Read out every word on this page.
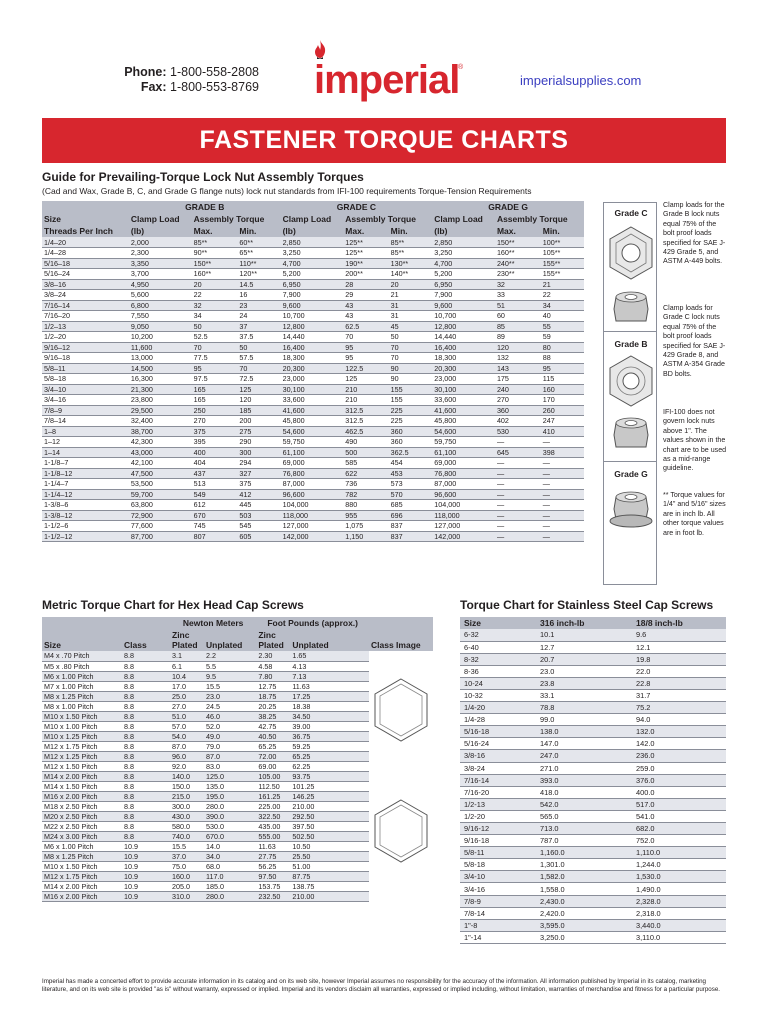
Phone: 1-800-558-2808
Fax: 1-800-553-8769 imperial
®
imperialsupplies.com
FASTENER TORQUE CHARTS
Guide for Prevailing-Torque Lock Nut Assembly Torques
(Cad and Wax, Grade B, C, and Grade G flange nuts) lock nut standards from IFI-100 requirements Torque-Tension Requirements
	GRADE B			GRADE C			GRADE G		
Size	Clamp Load	Assembly Torque		Clamp Load	Assembly Torque		Clamp Load	Assembly Torque	
Threads Per Inch	(lb)	Max.	Min.	(lb)	Max.	Min.	(lb)	Max.	Min.
1/4–20	2,000	85**	60**	2,850	125**	85**	2,850	150**	100**
1/4–28	2,300	90**	65**	3,250	125**	85**	3,250	160**	105**
5/16–18	3,350	150**	110**	4,700	190**	130**	4,700	240**	155**
5/16–24	3,700	160**	120**	5,200	200**	140**	5,200	230**	155**
3/8–16	4,950	20	14.5	6,950	28	20	6,950	32	21
3/8–24	5,600	22	16	7,900	29	21	7,900	33	22
7/16–14	6,800	32	23	9,600	43	31	9,600	51	34
7/16–20	7,550	34	24	10,700	43	31	10,700	60	40
1/2–13	9,050	50	37	12,800	62.5	45	12,800	85	55
1/2–20	10,200	52.5	37.5	14,440	70	50	14,440	89	59
9/16–12	11,600	70	50	16,400	95	70	16,400	120	80
9/16–18	13,000	77.5	57.5	18,300	95	70	18,300	132	88
5/8–11	14,500	95	70	20,300	122.5	90	20,300	143	95
5/8–18	16,300	97.5	72.5	23,000	125	90	23,000	175	115
3/4–10	21,300	165	125	30,100	210	155	30,100	240	160
3/4–16	23,800	165	120	33,600	210	155	33,600	270	170
7/8–9	29,500	250	185	41,600	312.5	225	41,600	360	260
7/8–14	32,400	270	200	45,800	312.5	225	45,800	402	247
1–8	38,700	375	275	54,600	462.5	360	54,600	530	410
1–12	42,300	395	290	59,750	490	360	59,750	—	—
1–14	43,000	400	300	61,100	500	362.5	61,100	645	398
1-1/8–7	42,100	404	294	69,000	585	454	69,000	—	—
1-1/8–12	47,500	437	327	76,800	622	453	76,800	—	—
1-1/4–7	53,500	513	375	87,000	736	573	87,000	—	—
1-1/4–12	59,700	549	412	96,600	782	570	96,600	—	—
1-3/8–6	63,800	612	445	104,000	880	685	104,000	—	—
1-3/8–12	72,900	670	503	118,000	955	696	118,000	—	—
1-1/2–6	77,600	745	545	127,000	1,075	837	127,000	—	—
1-1/2–12	87,700	807	605	142,000	1,150	837	142,000	—	—
Grade C
Grade B
Grade G
Clamp loads for the Grade B lock nuts equal 75% of the bolt proof loads specified for SAE J-429 Grade 5, and ASTM A-449 bolts.
Clamp loads for Grade C lock nuts equal 75% of the bolt proof loads specified for SAE J-429 Grade 8, and ASTM A-354 Grade BD bolts.
IFI-100 does not govern lock nuts above 1". The values shown in the chart are to be used as a mid-range guideline.
** Torque values for 1/4" and 5/16" sizes are in inch lb. All other torque values are in foot lb.
Metric Torque Chart for Hex Head Cap Screws
Size	Class	Newton Meters		Foot Pounds (approx.)		Class Image
		Zinc Plated	Unplated	Zinc Plated	Unplated	
M4 x .70 Pitch	8.8	3.1	2.2	2.30	1.65	
M5 x .80 Pitch	8.8	6.1	5.5	4.58	4.13	
M6 x 1.00 Pitch	8.8	10.4	9.5	7.80	7.13	
M7 x 1.00 Pitch	8.8	17.0	15.5	12.75	11.63	
M8 x 1.25 Pitch	8.8	25.0	23.0	18.75	17.25	
M8 x 1.00 Pitch	8.8	27.0	24.5	20.25	18.38	
M10 x 1.50 Pitch	8.8	51.0	46.0	38.25	34.50	
M10 x 1.00 Pitch	8.8	57.0	52.0	42.75	39.00	
M10 x 1.25 Pitch	8.8	54.0	49.0	40.50	36.75	
M12 x 1.75 Pitch	8.8	87.0	79.0	65.25	59.25	
M12 x 1.25 Pitch	8.8	96.0	87.0	72.00	65.25	
M12 x 1.50 Pitch	8.8	92.0	83.0	69.00	62.25	
M14 x 2.00 Pitch	8.8	140.0	125.0	105.00	93.75	
M14 x 1.50 Pitch	8.8	150.0	135.0	112.50	101.25	
M16 x 2.00 Pitch	8.8	215.0	195.0	161.25	146.25	
M18 x 2.50 Pitch	8.8	300.0	280.0	225.00	210.00	
M20 x 2.50 Pitch	8.8	430.0	390.0	322.50	292.50	
M22 x 2.50 Pitch	8.8	580.0	530.0	435.00	397.50	
M24 x 3.00 Pitch	8.8	740.0	670.0	555.00	502.50	
M6 x 1.00 Pitch	10.9	15.5	14.0	11.63	10.50	
M8 x 1.25 Pitch	10.9	37.0	34.0	27.75	25.50	
M10 x 1.50 Pitch	10.9	75.0	68.0	56.25	51.00	
M12 x 1.75 Pitch	10.9	160.0	117.0	97.50	87.75	
M14 x 2.00 Pitch	10.9	205.0	185.0	153.75	138.75	
M16 x 2.00 Pitch	10.9	310.0	280.0	232.50	210.00	
Torque Chart for Stainless Steel Cap Screws
Size	316 inch-lb	18/8 inch-lb
6-32	10.1	9.6
6-40	12.7	12.1
8-32	20.7	19.8
8-36	23.0	22.0
10-24	23.8	22.8
10-32	33.1	31.7
1/4-20	78.8	75.2
1/4-28	99.0	94.0
5/16-18	138.0	132.0
5/16-24	147.0	142.0
3/8-16	247.0	236.0
3/8-24	271.0	259.0
7/16-14	393.0	376.0
7/16-20	418.0	400.0
1/2-13	542.0	517.0
1/2-20	565.0	541.0
9/16-12	713.0	682.0
9/16-18	787.0	752.0
5/8-11	1,160.0	1,110.0
5/8-18	1,301.0	1,244.0
3/4-10	1,582.0	1,530.0
3/4-16	1,558.0	1,490.0
7/8-9	2,430.0	2,328.0
7/8-14	2,420.0	2,318.0
1"-8	3,595.0	3,440.0
1"-14	3,250.0	3,110.0
Imperial has made a concerted effort to provide accurate information in its catalog and on its web site, however Imperial assumes no responsibility for the accuracy of the information. All information published by Imperial in its catalog, marketing literature, and on its web site is provided "as is" without warranty, expressed or implied. Imperial and its vendors disclaim all warranties, expressed or implied including, without limitation, warranties of merchandise and fitness for a particular purpose.
